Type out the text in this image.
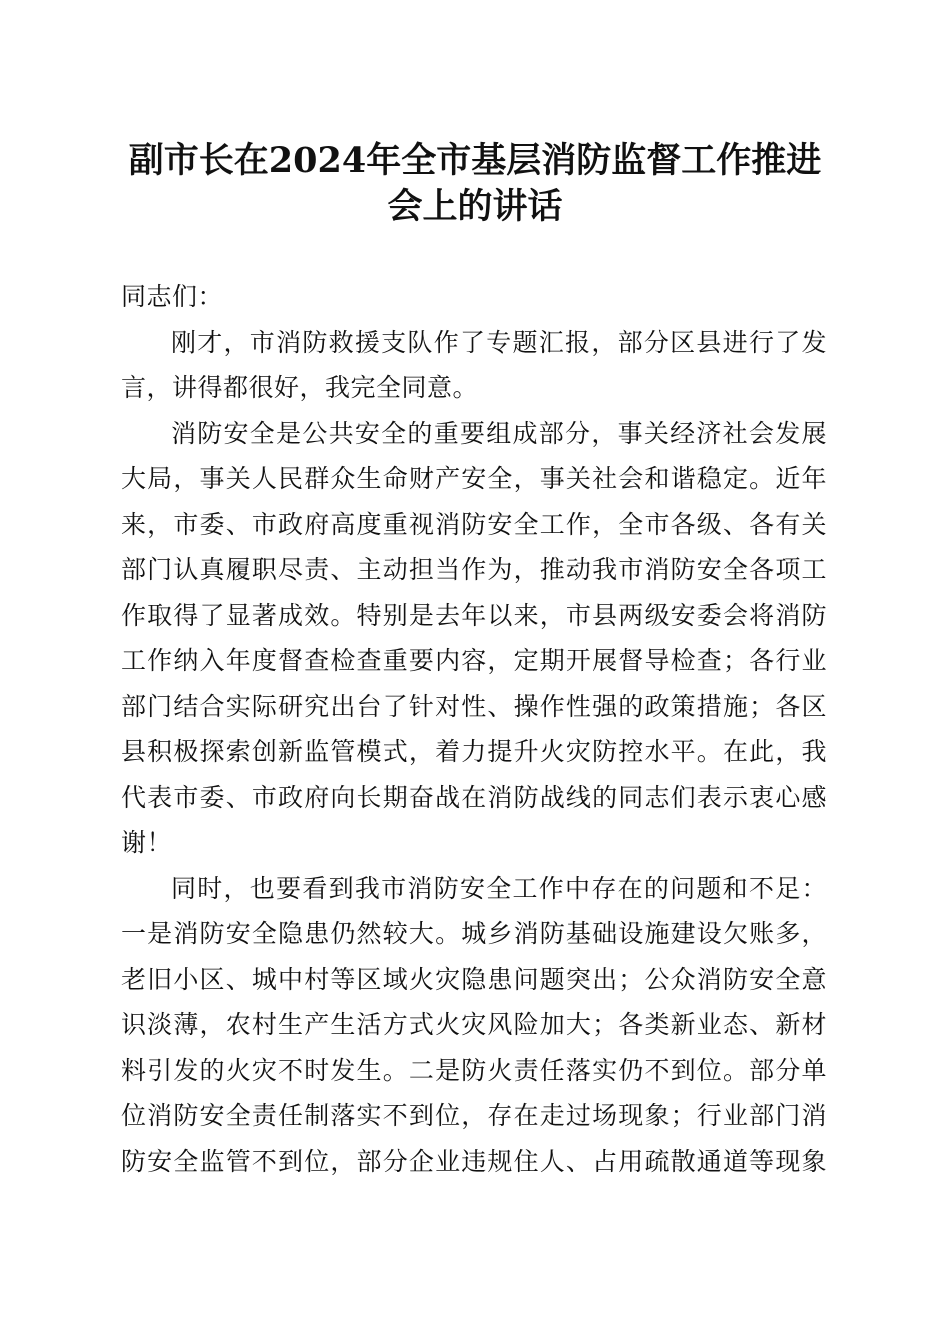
副市长在2024年全市基层消防监督工作推进
会上的讲话

同志们：

刚才，市消防救援支队作了专题汇报，部分区县进行了发

言，讲得都很好，我完全同意。

消防安全是公共安全的重要组成部分，事关经济社会发展

大局，事关人民群众生命财产安全，事关社会和谐稳定。近年

来，市委、市政府高度重视消防安全工作，全市各级、各有关

部门认真履职尽责、主动担当作为，推动我市消防安全各项工

作取得了显著成效。特别是去年以来，市县两级安委会将消防

工作纳入年度督查检查重要内容，定期开展督导检查；各行业

部门结合实际研究出台了针对性、操作性强的政策措施；各区

县积极探索创新监管模式，着力提升火灾防控水平。在此，我

代表市委、市政府向长期奋战在消防战线的同志们表示衷心感

谢！

同时，也要看到我市消防安全工作中存在的问题和不足：

一是消防安全隐患仍然较大。城乡消防基础设施建设欠账多，

老旧小区、城中村等区域火灾隐患问题突出；公众消防安全意

识淡薄，农村生产生活方式火灾风险加大；各类新业态、新材

料引发的火灾不时发生。二是防火责任落实仍不到位。部分单

位消防安全责任制落实不到位，存在走过场现象；行业部门消

防安全监管不到位，部分企业违规住人、占用疏散通道等现象
